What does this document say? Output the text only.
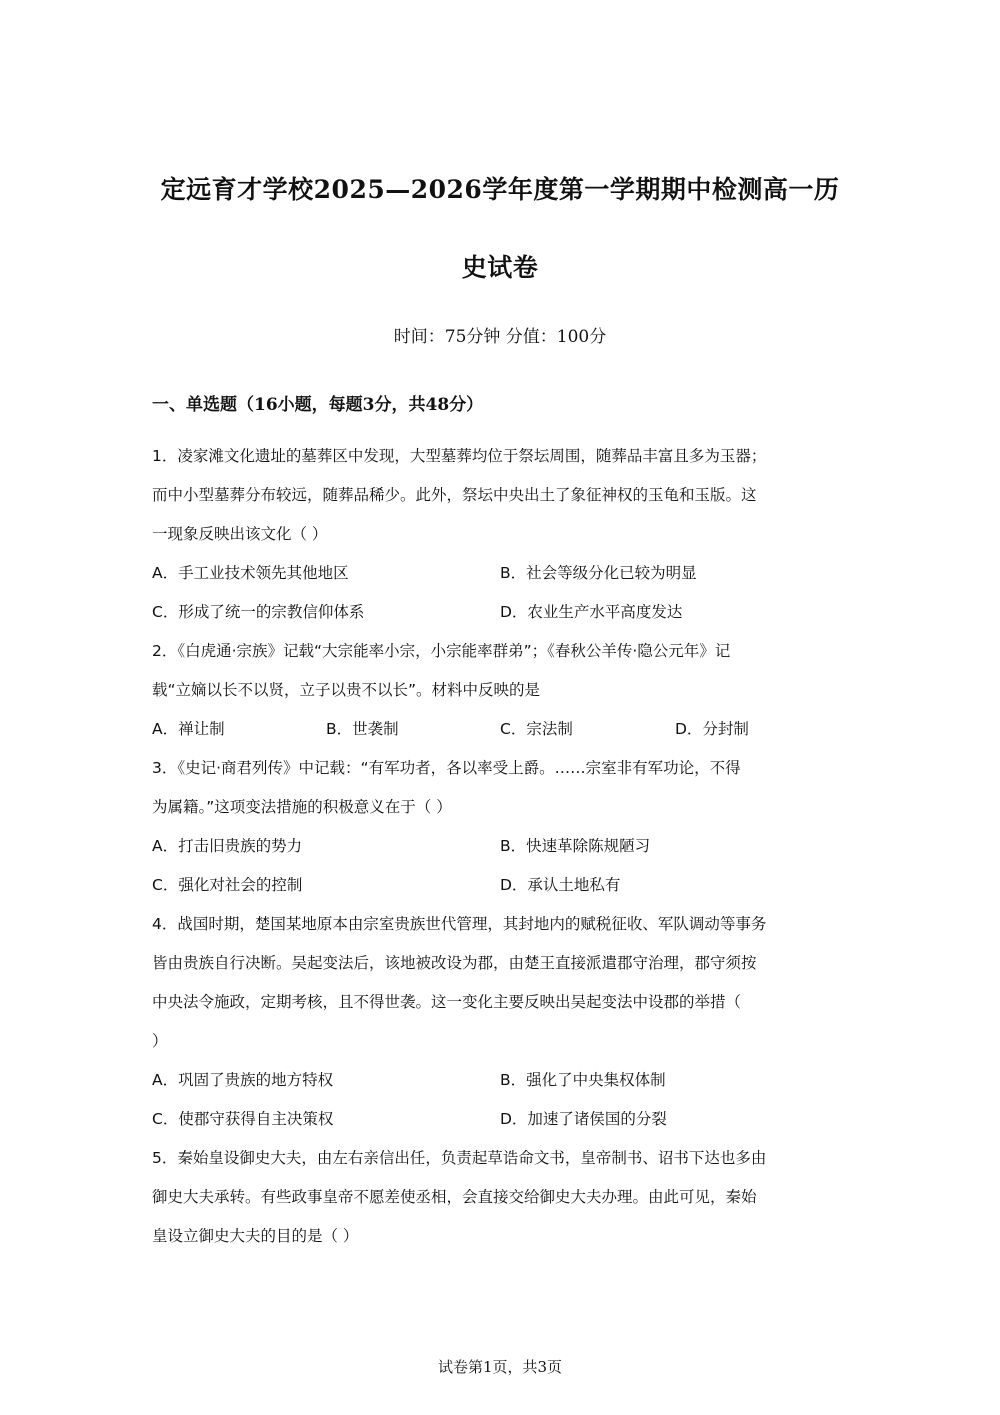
定远育才学校2025—2026学年度第一学期期中检测高一历
史试卷
时间：75分钟 分值：100分
一、单选题（16小题，每题3分，共48分）
1．凌家滩文化遗址的墓葬区中发现，大型墓葬均位于祭坛周围，随葬品丰富且多为玉器；
而中小型墓葬分布较远，随葬品稀少。此外，祭坛中央出土了象征神权的玉龟和玉版。这
一现象反映出该文化（ ）
A．手工业技术领先其他地区	B．社会等级分化已较为明显
C．形成了统一的宗教信仰体系	D．农业生产水平高度发达
2．《白虎通·宗族》记载“大宗能率小宗，小宗能率群弟”；《春秋公羊传·隐公元年》记
载“立嫡以长不以贤，立子以贵不以长”。材料中反映的是
A．禅让制	B．世袭制	C．宗法制	D．分封制
3．《史记·商君列传》中记载：“有军功者，各以率受上爵。……宗室非有军功论，不得
为属籍。”这项变法措施的积极意义在于（ ）
A．打击旧贵族的势力	B．快速革除陈规陋习
C．强化对社会的控制	D．承认土地私有
4．战国时期，楚国某地原本由宗室贵族世代管理，其封地内的赋税征收、军队调动等事务
皆由贵族自行决断。吴起变法后，该地被改设为郡，由楚王直接派遣郡守治理，郡守须按
中央法令施政，定期考核，且不得世袭。这一变化主要反映出吴起变法中设郡的举措（
）
A．巩固了贵族的地方特权	B．强化了中央集权体制
C．使郡守获得自主决策权	D．加速了诸侯国的分裂
5．秦始皇设御史大夫，由左右亲信出任，负责起草诰命文书，皇帝制书、诏书下达也多由
御史大夫承转。有些政事皇帝不愿差使丞相，会直接交给御史大夫办理。由此可见，秦始
皇设立御史大夫的目的是（ ）
试卷第1页，共3页
